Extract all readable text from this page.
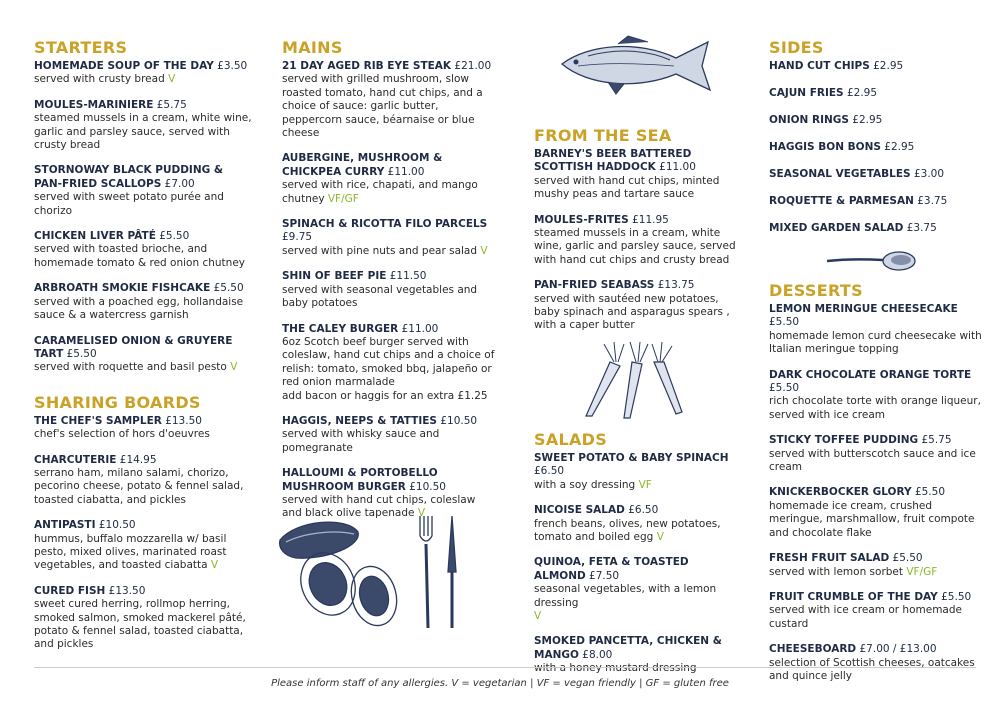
STARTERS
HOMEMADE SOUP OF THE DAY £3.50
served with crusty bread V
MOULES-MARINIERE £5.75
steamed mussels in a cream, white wine, garlic and parsley sauce, served with crusty bread
STORNOWAY BLACK PUDDING & PAN-FRIED SCALLOPS £7.00
served with sweet potato purée and chorizo
CHICKEN LIVER PÂTÉ £5.50
served with toasted brioche, and homemade tomato & red onion chutney
ARBROATH SMOKIE FISHCAKE £5.50
served with a poached egg, hollandaise sauce & a watercress garnish
CARAMELISED ONION & GRUYERE TART £5.50
served with roquette and basil pesto V
SHARING BOARDS
THE CHEF'S SAMPLER £13.50
chef's selection of hors d'oeuvres
CHARCUTERIE £14.95
serrano ham, milano salami, chorizo, pecorino cheese, potato & fennel salad, toasted ciabatta, and pickles
ANTIPASTI £10.50
hummus, buffalo mozzarella w/ basil pesto, mixed olives, marinated roast vegetables, and toasted ciabatta V
CURED FISH £13.50
sweet cured herring, rollmop herring, smoked salmon, smoked mackerel pâté, potato & fennel salad, toasted ciabatta, and pickles
MAINS
21 DAY AGED RIB EYE STEAK £21.00
served with grilled mushroom, slow roasted tomato, hand cut chips, and a choice of sauce: garlic butter, peppercorn sauce, béarnaise or blue cheese
AUBERGINE, MUSHROOM & CHICKPEA CURRY £11.00
served with rice, chapati, and mango chutney VF/GF
SPINACH & RICOTTA FILO PARCELS £9.75
served with pine nuts and pear salad V
SHIN OF BEEF PIE £11.50
served with seasonal vegetables and baby potatoes
THE CALEY BURGER £11.00
6oz Scotch beef burger served with coleslaw, hand cut chips and a choice of relish: tomato, smoked bbq, jalapeño or red onion marmalade
add bacon or haggis for an extra £1.25
HAGGIS, NEEPS & TATTIES £10.50
served with whisky sauce and pomegranate
HALLOUMI & PORTOBELLO MUSHROOM BURGER £10.50
served with hand cut chips, coleslaw and black olive tapenade V
FROM THE SEA
BARNEY'S BEER BATTERED SCOTTISH HADDOCK £11.00
served with hand cut chips, minted mushy peas and tartare sauce
MOULES-FRITES £11.95
steamed mussels in a cream, white wine, garlic and parsley sauce, served with hand cut chips and crusty bread
PAN-FRIED SEABASS £13.75
served with sautéed new potatoes, baby spinach and asparagus spears , with a caper butter
SALADS
SWEET POTATO & BABY SPINACH £6.50
with a soy dressing VF
NICOISE SALAD £6.50
french beans, olives, new potatoes, tomato and boiled egg V
QUINOA, FETA & TOASTED ALMOND £7.50
seasonal vegetables, with a lemon dressing
V
SMOKED PANCETTA, CHICKEN & MANGO £8.00
with a honey mustard dressing
SIDES
HAND CUT CHIPS £2.95
CAJUN FRIES £2.95
ONION RINGS £2.95
HAGGIS BON BONS £2.95
SEASONAL VEGETABLES £3.00
ROQUETTE & PARMESAN £3.75
MIXED GARDEN SALAD £3.75
DESSERTS
LEMON MERINGUE CHEESECAKE £5.50
homemade lemon curd cheesecake with Italian meringue topping
DARK CHOCOLATE ORANGE TORTE £5.50
rich chocolate torte with orange liqueur, served with ice cream
STICKY TOFFEE PUDDING £5.75
served with butterscotch sauce and ice cream
KNICKERBOCKER GLORY £5.50
homemade ice cream, crushed meringue, marshmallow, fruit compote and chocolate flake
FRESH FRUIT SALAD £5.50
served with lemon sorbet VF/GF
FRUIT CRUMBLE OF THE DAY £5.50
served with ice cream or homemade custard
CHEESEBOARD £7.00 / £13.00
selection of Scottish cheeses, oatcakes and quince jelly
Please inform staff of any allergies. V = vegetarian | VF = vegan friendly | GF = gluten free
